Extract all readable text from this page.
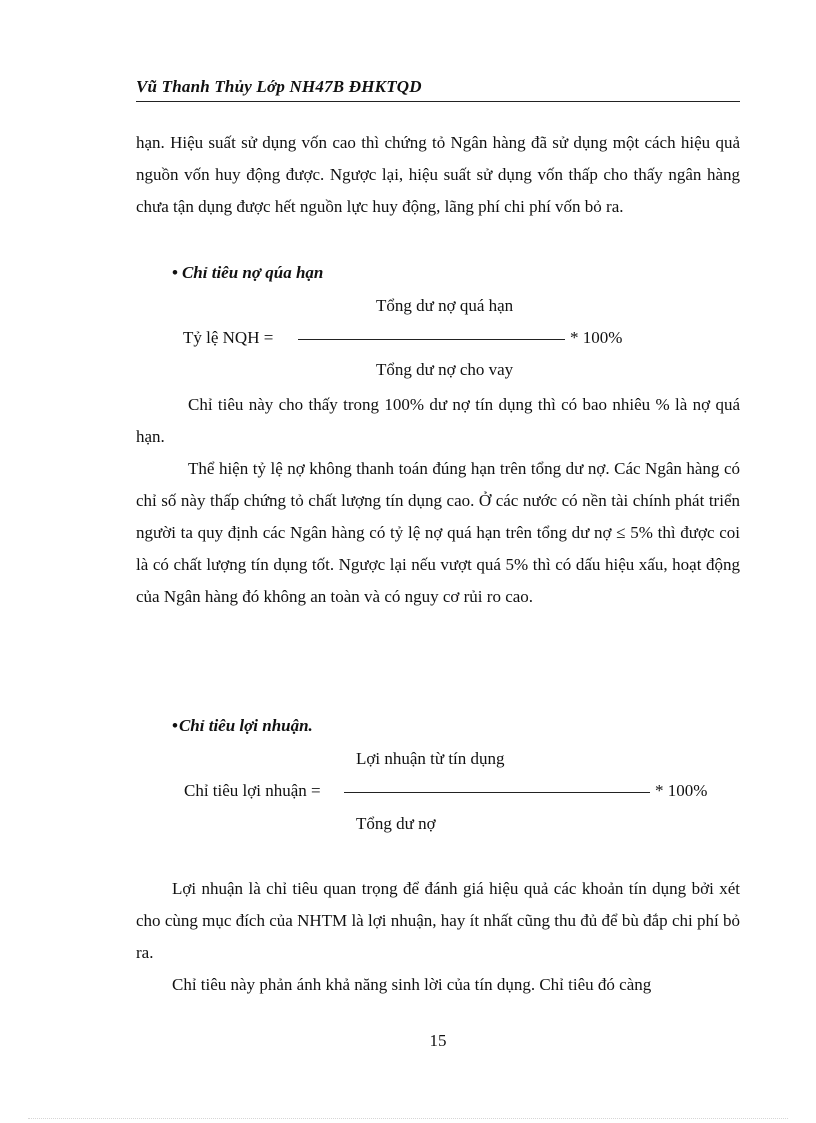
Vũ Thanh Thủy Lớp NH47B ĐHKTQD

hạn. Hiệu suất sử dụng vốn cao thì chứng tỏ Ngân hàng đã sử dụng một cách hiệu quả nguồn vốn huy động được. Ngược lại, hiệu suất sử dụng vốn thấp cho thấy ngân hàng chưa tận dụng được hết nguồn lực huy động, lãng phí chi phí vốn bỏ ra.

• Chỉ tiêu nợ qúa hạn
Tổng dư nợ quá hạn
Tỷ lệ NQH =	* 100%
Tổng dư nợ cho vay

Chỉ tiêu này cho thấy trong 100% dư nợ tín dụng thì có bao nhiêu % là nợ quá hạn.

Thể hiện tỷ lệ nợ không thanh toán đúng hạn trên tổng dư nợ. Các Ngân hàng có chỉ số này thấp chứng tỏ chất lượng tín dụng cao. Ở các nước có nền tài chính phát triển người ta quy định các Ngân hàng có tỷ lệ nợ quá hạn trên tổng dư nợ ≤ 5% thì được coi là có chất lượng tín dụng tốt. Ngược lại nếu vượt quá 5% thì có dấu hiệu xấu, hoạt động của Ngân hàng đó không an toàn và có nguy cơ rủi ro cao.

•Chỉ tiêu lợi nhuận.
Lợi nhuận từ tín dụng
Chỉ tiêu lợi nhuận =	* 100%
Tổng dư nợ

Lợi nhuận là chỉ tiêu quan trọng để đánh giá hiệu quả các khoản tín dụng bởi xét cho cùng mục đích của NHTM là lợi nhuận, hay ít nhất cũng thu đủ để bù đắp chi phí bỏ ra.

Chỉ tiêu này phản ánh khả năng sinh lời của tín dụng. Chỉ tiêu đó càng

15
